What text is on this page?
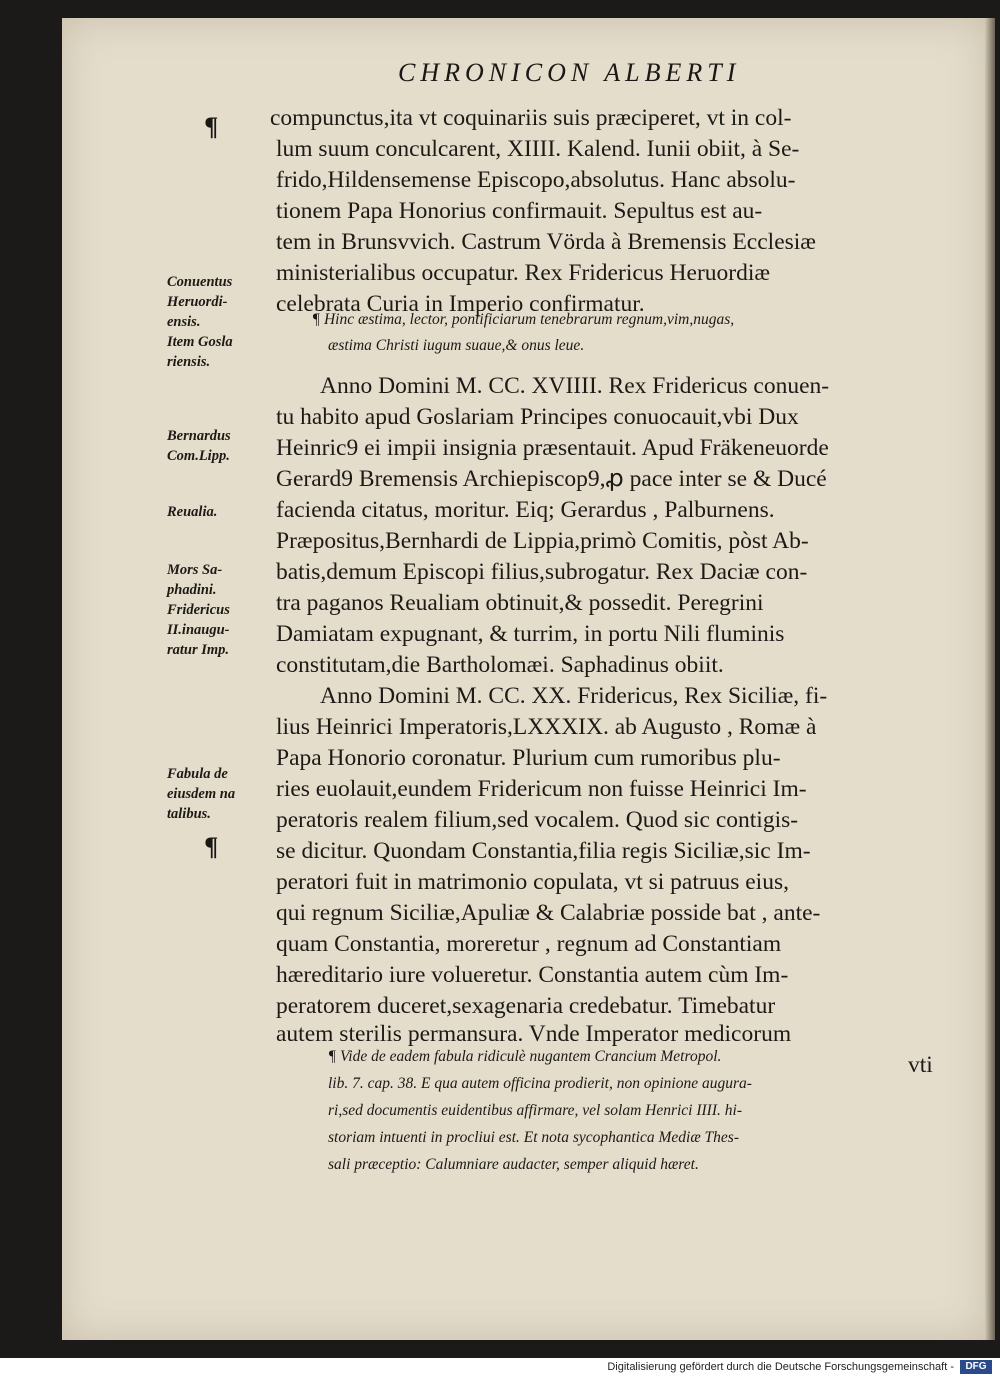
CHRONICON ALBERTI
¶
¶
compunctus,ita vt coquinariis suis præciperet, vt in col-
lum suum conculcarent, XIIII. Kalend. Iunii obiit, à Se-
frido,Hildensemense Episcopo,absolutus. Hanc absolu-
tionem Papa Honorius confirmauit. Sepultus est au-
tem in Brunsvvich. Castrum Vörda à Bremensis Ecclesiæ
ministerialibus occupatur. Rex Fridericus Heruordiæ
celebrata Curia in Imperio confirmatur.
¶ Hinc æstima, lector, pontificiarum tenebrarum regnum,vim,nugas,
æstima Christi iugum suaue,& onus leue.
Anno Domini M. CC. XVIIII. Rex Fridericus conuen-
tu habito apud Goslariam Principes conuocauit,vbi Dux
Heinric9 ei impii insignia præsentauit. Apud Fräkeneuorde
Gerard9 Bremensis Archiepiscop9,ꝓ pace inter se & Ducé
facienda citatus, moritur. Eiq; Gerardus , Palburnens.
Præpositus,Bernhardi de Lippia,primò Comitis, pòst Ab-
batis,demum Episcopi filius,subrogatur. Rex Daciæ con-
tra paganos Reualiam obtinuit,& possedit. Peregrini
Damiatam expugnant, & turrim, in portu Nili fluminis
constitutam,die Bartholomæi. Saphadinus obiit.
Anno Domini M. CC. XX. Fridericus, Rex Siciliæ, fi-
lius Heinrici Imperatoris,LXXXIX. ab Augusto , Romæ à
Papa Honorio coronatur. Plurium cum rumoribus plu-
ries euolauit,eundem Fridericum non fuisse Heinrici Im-
peratoris realem filium,sed vocalem. Quod sic contigis-
se dicitur. Quondam Constantia,filia regis Siciliæ,sic Im-
peratori fuit in matrimonio copulata, vt si patruus eius,
qui regnum Siciliæ,Apuliæ & Calabriæ posside bat , ante-
quam Constantia, moreretur , regnum ad Constantiam
hæreditario iure volueretur. Constantia autem cùm Im-
peratorem duceret,sexagenaria credebatur. Timebatur
autem sterilis permansura. Vnde Imperator medicorum
vti
Conuentus
Heruordi-
ensis.
Item Gosla
riensis.
Bernardus
Com.Lipp.
Reualia.
Mors Sa-
phadini.
Fridericus
II.inaugu-
ratur Imp.
Fabula de
eiusdem na
talibus.
¶ Vide de eadem fabula ridiculè nugantem Crancium Metropol.
lib. 7. cap. 38. E qua autem officina prodierit, non opinione augura-
ri,sed documentis euidentibus affirmare, vel solam Henrici IIII. hi-
storiam intuenti in procliui est. Et nota sycophantica Mediæ Thes-
sali præceptio: Calumniare audacter, semper aliquid hæret.
Digitalisierung gefördert durch die Deutsche Forschungsgemeinschaft -	DFG
